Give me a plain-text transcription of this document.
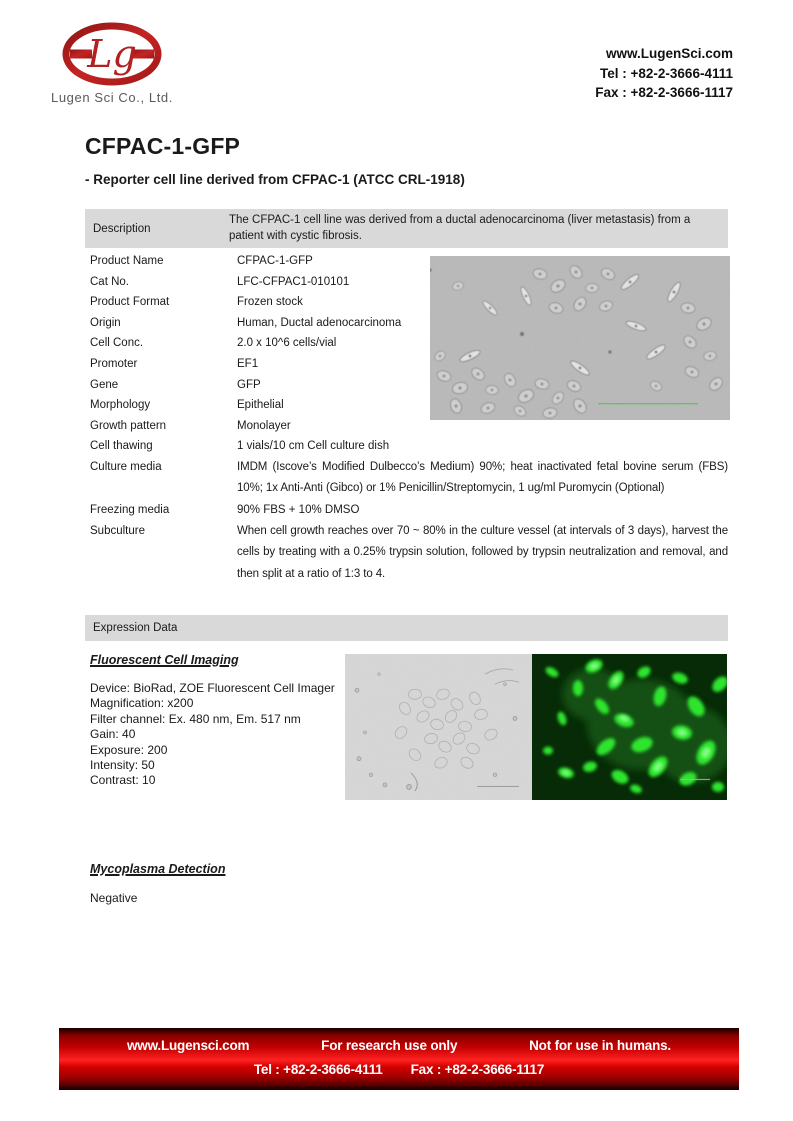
Lg
Lugen Sci Co., Ltd.
www.LugenSci.com
Tel : +82-2-3666-4111
Fax : +82-2-3666-1117
CFPAC-1-GFP
- Reporter cell line derived from CFPAC-1 (ATCC CRL-1918)
Description
The CFPAC-1 cell line was derived from a ductal adenocarcinoma (liver metastasis) from a patient with cystic fibrosis.
Product Name	CFPAC-1-GFP
Cat No.	LFC-CFPAC1-010101
Product Format	Frozen stock
Origin	Human, Ductal adenocarcinoma
Cell Conc.	2.0 x 10^6 cells/vial
Promoter	EF1
Gene	GFP
Morphology	Epithelial
Growth pattern	Monolayer
Cell thawing	1 vials/10 cm Cell culture dish
Culture media	IMDM (Iscove’s Modified Dulbecco’s Medium) 90%; heat inactivated fetal bovine serum (FBS) 10%; 1x Anti-Anti (Gibco) or 1% Penicillin/Streptomycin, 1 ug/ml Puromycin (Optional)
Freezing media	90% FBS + 10% DMSO
Subculture	When cell growth reaches over 70 ~ 80% in the culture vessel (at intervals of 3 days), harvest the cells by treating with a 0.25% trypsin solution, followed by trypsin neutralization and removal, and then split at a ratio of 1:3 to 4.
Expression Data
Fluorescent Cell Imaging
Device: BioRad, ZOE Fluorescent Cell Imager
Magnification: x200
Filter channel: Ex. 480 nm, Em. 517 nm
Gain: 40
Exposure: 200
Intensity: 50
Contrast: 10
Mycoplasma Detection
Negative
www.Lugensci.com	For research use only	Not for use in humans.
Tel : +82-2-3666-4111 Fax : +82-2-3666-1117
